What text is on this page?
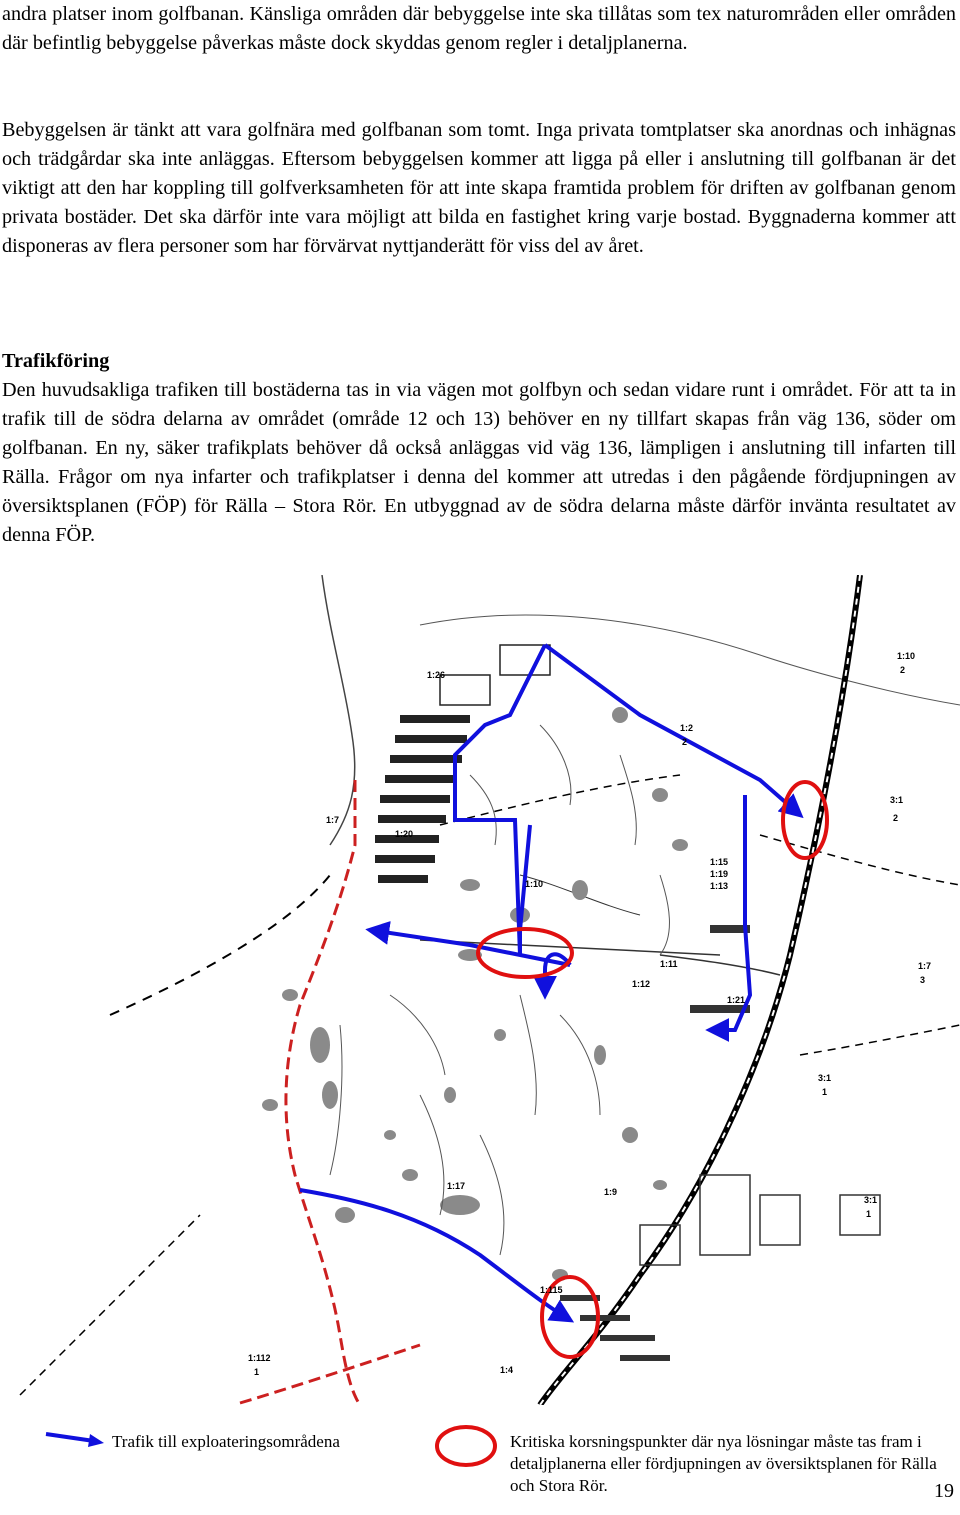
andra platser inom golfbanan. Känsliga områden där bebyggelse inte ska tillåtas som tex naturområden eller områden där befintlig bebyggelse påverkas måste dock skyddas genom regler i detaljplanerna.

Bebyggelsen är tänkt att vara golfnära med golfbanan som tomt. Inga privata tomtplatser ska anordnas och inhägnas och trädgårdar ska inte anläggas. Eftersom bebyggelsen kommer att ligga på eller i anslutning till golfbanan är det viktigt att den har koppling till golfverksamheten för att inte skapa framtida problem för driften av golfbanan genom privata bostäder. Det ska därför inte vara möjligt att bilda en fastighet kring varje bostad. Byggnaderna kommer att disponeras av flera personer som har förvärvat nyttjanderätt för viss del av året.

Trafikföring

Den huvudsakliga trafiken till bostäderna tas in via vägen mot golfbyn och sedan vidare runt i området. För att ta in trafik till de södra delarna av området (område 12 och 13) behöver en ny tillfart skapas från väg 136, söder om golfbanan. En ny, säker trafikplats behöver då också anläggas vid väg 136, lämpligen i anslutning till infarten till Rälla. Frågor om nya infarter och trafikplatser i denna del kommer att utredas i den pågående fördjupningen av översiktsplanen (FÖP) för Rälla – Stora Rör. En utbyggnad av de södra delarna måste därför invänta resultatet av denna FÖP.

1:26
1:7
1:20
1:10
1:2
2
1:10
2
3:1
2
1:15
1:19
1:13
1:11
1:12
1:21
1:7
3
3:1
1
1:17
1:9
3:1
1
1:115
1:4
1:112
1

Trafik till exploateringsområdena	Kritiska korsningspunkter där nya lösningar måste tas fram i detaljplanerna eller fördjupningen av översiktsplanen för Rälla och Stora Rör.	19
